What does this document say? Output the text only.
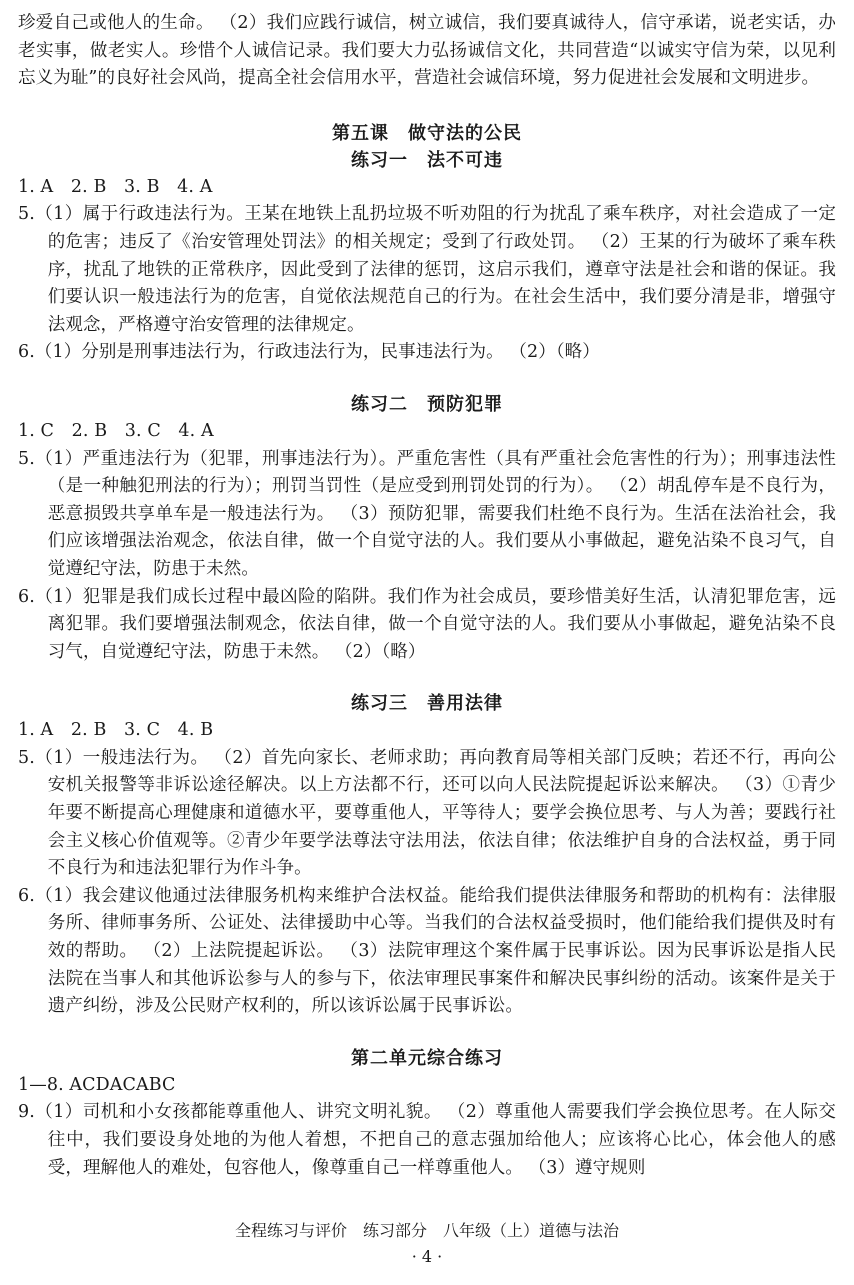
珍爱自己或他人的生命。 （2）我们应践行诚信，树立诚信，我们要真诚待人，信守承诺，说老实话，办老实事，做老实人。珍惜个人诚信记录。我们要大力弘扬诚信文化，共同营造“以诚实守信为荣，以见利忘义为耻”的良好社会风尚，提高全社会信用水平，营造社会诚信环境，努力促进社会发展和文明进步。

第五课　做守法的公民

练习一　法不可违

1. A　2. B　3. B　4. A

5.（1）属于行政违法行为。王某在地铁上乱扔垃圾不听劝阻的行为扰乱了乘车秩序，对社会造成了一定的危害；违反了《治安管理处罚法》的相关规定；受到了行政处罚。 （2）王某的行为破坏了乘车秩序，扰乱了地铁的正常秩序，因此受到了法律的惩罚，这启示我们，遵章守法是社会和谐的保证。我们要认识一般违法行为的危害，自觉依法规范自己的行为。在社会生活中，我们要分清是非，增强守法观念，严格遵守治安管理的法律规定。

6.（1）分别是刑事违法行为，行政违法行为，民事违法行为。 （2）（略）

练习二　预防犯罪

1. C　2. B　3. C　4. A

5.（1）严重违法行为（犯罪，刑事违法行为）。严重危害性（具有严重社会危害性的行为）；刑事违法性（是一种触犯刑法的行为）；刑罚当罚性（是应受到刑罚处罚的行为）。 （2）胡乱停车是不良行为，恶意损毁共享单车是一般违法行为。 （3）预防犯罪，需要我们杜绝不良行为。生活在法治社会，我们应该增强法治观念，依法自律，做一个自觉守法的人。我们要从小事做起，避免沾染不良习气，自觉遵纪守法，防患于未然。

6.（1）犯罪是我们成长过程中最凶险的陷阱。我们作为社会成员，要珍惜美好生活，认清犯罪危害，远离犯罪。我们要增强法制观念，依法自律，做一个自觉守法的人。我们要从小事做起，避免沾染不良习气，自觉遵纪守法，防患于未然。 （2）（略）

练习三　善用法律

1. A　2. B　3. C　4. B

5.（1）一般违法行为。 （2）首先向家长、老师求助；再向教育局等相关部门反映；若还不行，再向公安机关报警等非诉讼途径解决。以上方法都不行，还可以向人民法院提起诉讼来解决。 （3）①青少年要不断提高心理健康和道德水平，要尊重他人，平等待人；要学会换位思考、与人为善；要践行社会主义核心价值观等。②青少年要学法尊法守法用法，依法自律；依法维护自身的合法权益，勇于同不良行为和违法犯罪行为作斗争。

6.（1）我会建议他通过法律服务机构来维护合法权益。能给我们提供法律服务和帮助的机构有：法律服务所、律师事务所、公证处、法律援助中心等。当我们的合法权益受损时，他们能给我们提供及时有效的帮助。 （2）上法院提起诉讼。 （3）法院审理这个案件属于民事诉讼。因为民事诉讼是指人民法院在当事人和其他诉讼参与人的参与下，依法审理民事案件和解决民事纠纷的活动。该案件是关于遗产纠纷，涉及公民财产权利的，所以该诉讼属于民事诉讼。

第二单元综合练习

1—8. ACDACABC

9.（1）司机和小女孩都能尊重他人、讲究文明礼貌。 （2）尊重他人需要我们学会换位思考。在人际交往中，我们要设身处地的为他人着想，不把自己的意志强加给他人；应该将心比心，体会他人的感受，理解他人的难处，包容他人，像尊重自己一样尊重他人。 （3）遵守规则

全程练习与评价　练习部分　八年级（上）道德与法治
· 4 ·
